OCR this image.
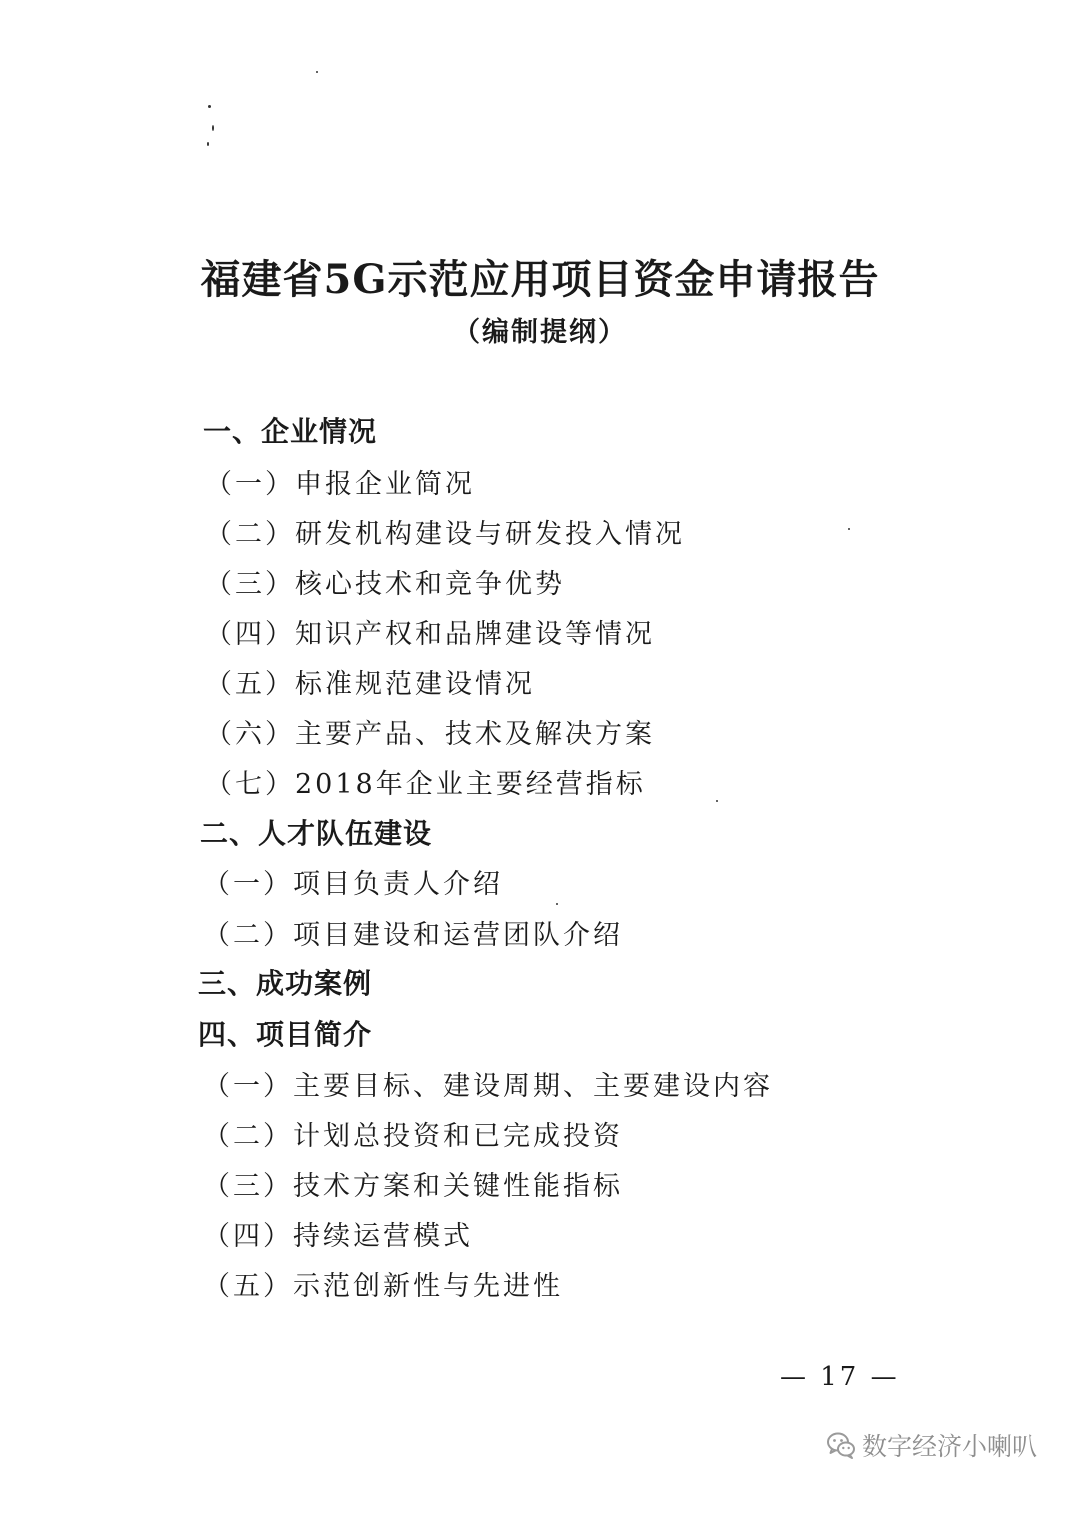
福建省5G示范应用项目资金申请报告
（编制提纲）
一、企业情况
（一）申报企业简况
（二）研发机构建设与研发投入情况
（三）核心技术和竞争优势
（四）知识产权和品牌建设等情况
（五）标准规范建设情况
（六）主要产品、技术及解决方案
（七）2018年企业主要经营指标
二、人才队伍建设
（一）项目负责人介绍
（二）项目建设和运营团队介绍
三、成功案例
四、项目简介
（一）主要目标、建设周期、主要建设内容
（二）计划总投资和已完成投资
（三）技术方案和关键性能指标
（四）持续运营模式
（五）示范创新性与先进性
— 17 —
数字经济小喇叭
